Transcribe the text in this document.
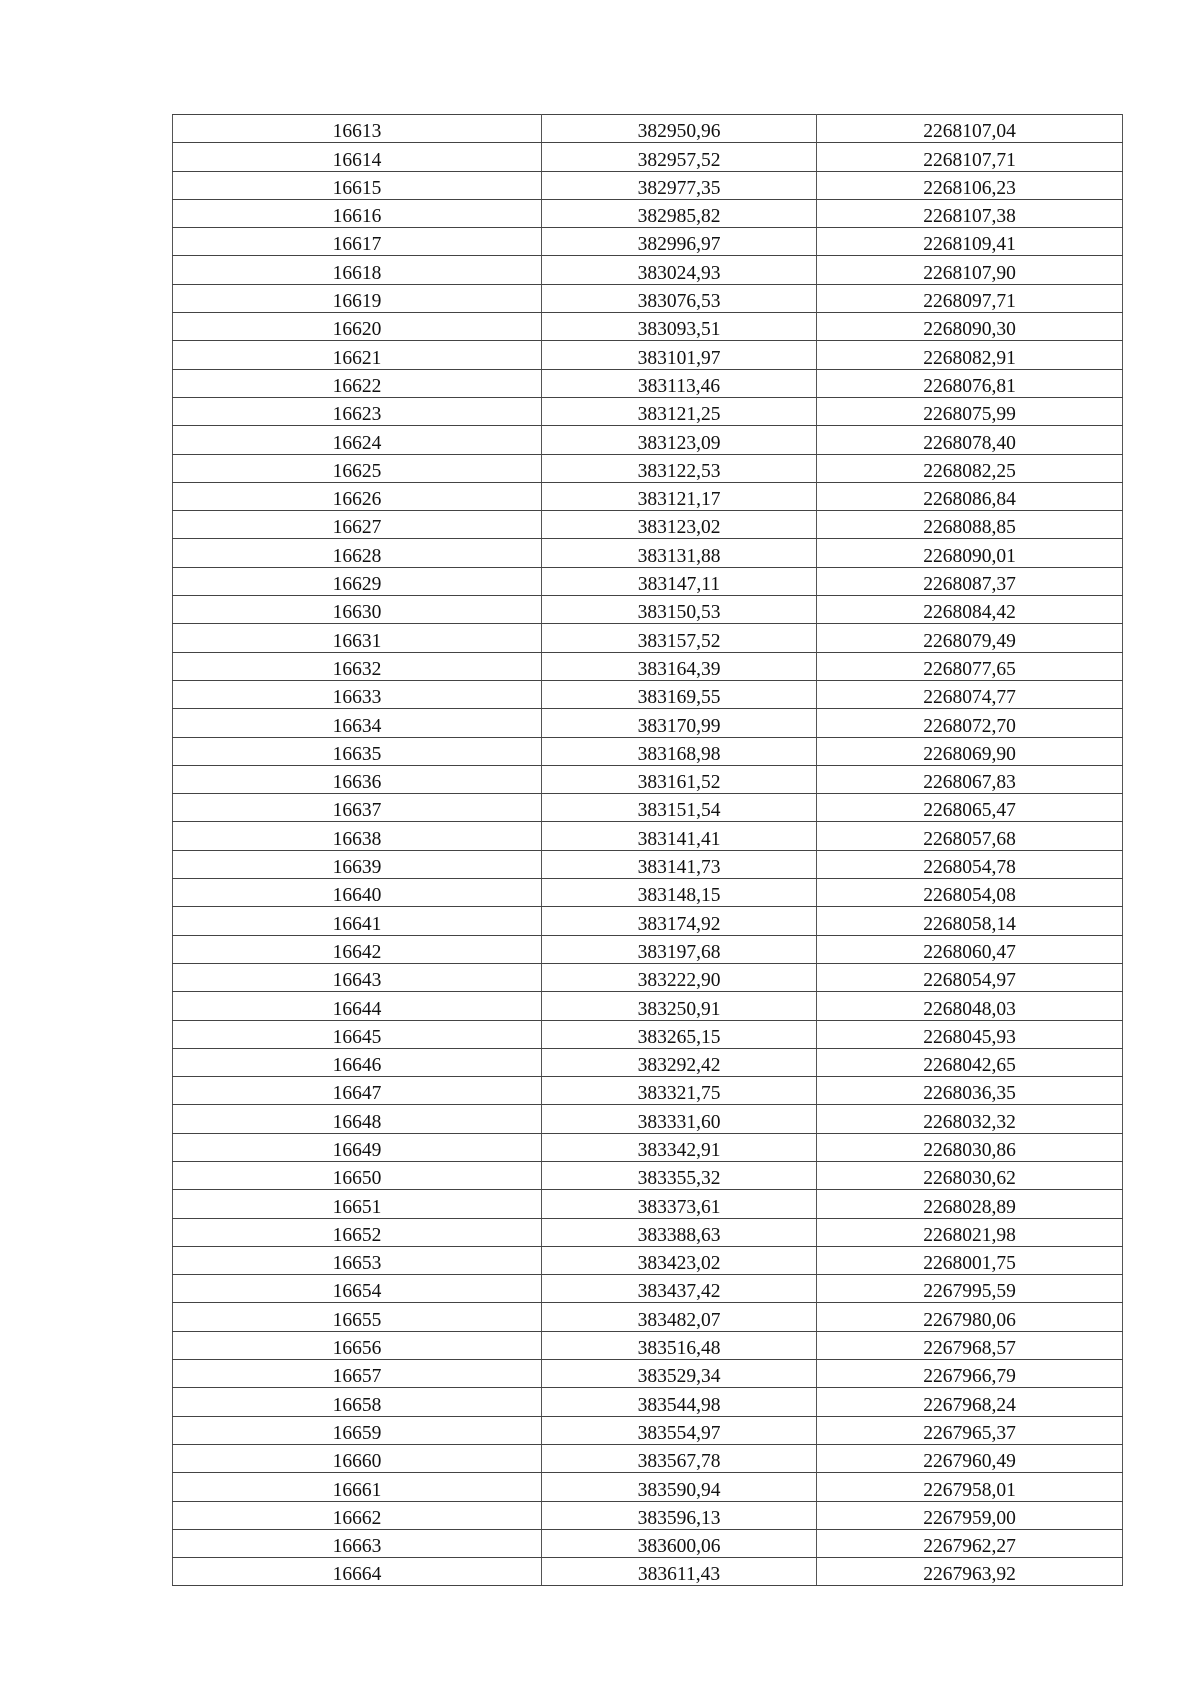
16613	382950,96	2268107,04
16614	382957,52	2268107,71
16615	382977,35	2268106,23
16616	382985,82	2268107,38
16617	382996,97	2268109,41
16618	383024,93	2268107,90
16619	383076,53	2268097,71
16620	383093,51	2268090,30
16621	383101,97	2268082,91
16622	383113,46	2268076,81
16623	383121,25	2268075,99
16624	383123,09	2268078,40
16625	383122,53	2268082,25
16626	383121,17	2268086,84
16627	383123,02	2268088,85
16628	383131,88	2268090,01
16629	383147,11	2268087,37
16630	383150,53	2268084,42
16631	383157,52	2268079,49
16632	383164,39	2268077,65
16633	383169,55	2268074,77
16634	383170,99	2268072,70
16635	383168,98	2268069,90
16636	383161,52	2268067,83
16637	383151,54	2268065,47
16638	383141,41	2268057,68
16639	383141,73	2268054,78
16640	383148,15	2268054,08
16641	383174,92	2268058,14
16642	383197,68	2268060,47
16643	383222,90	2268054,97
16644	383250,91	2268048,03
16645	383265,15	2268045,93
16646	383292,42	2268042,65
16647	383321,75	2268036,35
16648	383331,60	2268032,32
16649	383342,91	2268030,86
16650	383355,32	2268030,62
16651	383373,61	2268028,89
16652	383388,63	2268021,98
16653	383423,02	2268001,75
16654	383437,42	2267995,59
16655	383482,07	2267980,06
16656	383516,48	2267968,57
16657	383529,34	2267966,79
16658	383544,98	2267968,24
16659	383554,97	2267965,37
16660	383567,78	2267960,49
16661	383590,94	2267958,01
16662	383596,13	2267959,00
16663	383600,06	2267962,27
16664	383611,43	2267963,92
